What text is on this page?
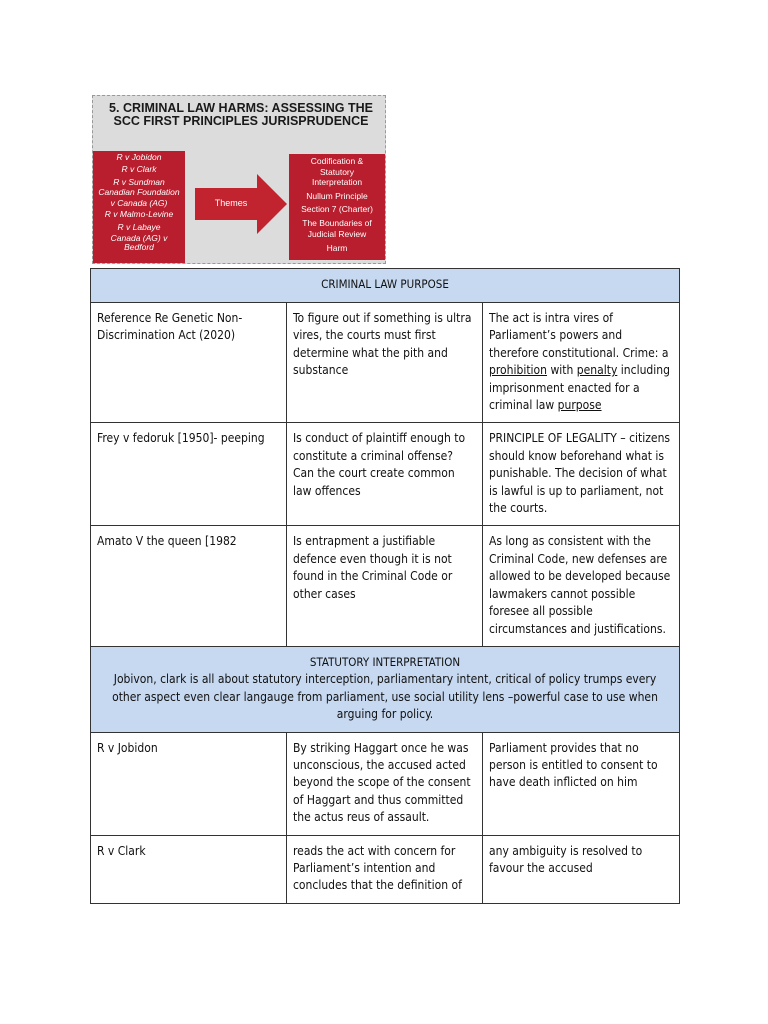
5. CRIMINAL LAW HARMS: ASSESSING THE SCC FIRST PRINCIPLES JURISPRUDENCE
R v Jobidon
R v Clark
R v Sundman
Canadian Foundation
v Canada (AG)
R v Malmo-Levine
R v Labaye
Canada (AG) v
Bedford
Themes
Codification &
Statutory
Interpretation
Nullum Principle
Section 7 (Charter)
The Boundaries of
Judicial Review
Harm
CRIMINAL LAW PURPOSE		
Reference Re Genetic Non-Discrimination Act (2020)	To figure out if something is ultra vires, the courts must first determine what the pith and substance	The act is intra vires of Parliament’s powers and therefore constitutional. Crime: a prohibition with penalty including imprisonment enacted for a criminal law purpose
Frey v fedoruk [1950]- peeping	Is conduct of plaintiff enough to constitute a criminal offense? Can the court create common law offences	PRINCIPLE OF LEGALITY – citizens should know beforehand what is punishable. The decision of what is lawful is up to parliament, not the courts.
Amato V the queen [1982	Is entrapment a justifiable defence even though it is not found in the Criminal Code or other cases	As long as consistent with the Criminal Code, new defenses are allowed to be developed because lawmakers cannot possible foresee all possible circumstances and justifications.

STATUTORY INTERPRETATION
Jobivon, clark is all about statutory interception, parliamentary intent, critical of policy trumps every other aspect even clear langauge from parliament, use social utility lens –powerful case to use when arguing for policy.		

R v Jobidon	By striking Haggart once he was unconscious, the accused acted beyond the scope of the consent of Haggart and thus committed the actus reus of assault.	Parliament provides that no person is entitled to consent to have death inflicted on him
R v Clark	reads the act with concern for Parliament’s intention and concludes that the definition of	any ambiguity is resolved to favour the accused
